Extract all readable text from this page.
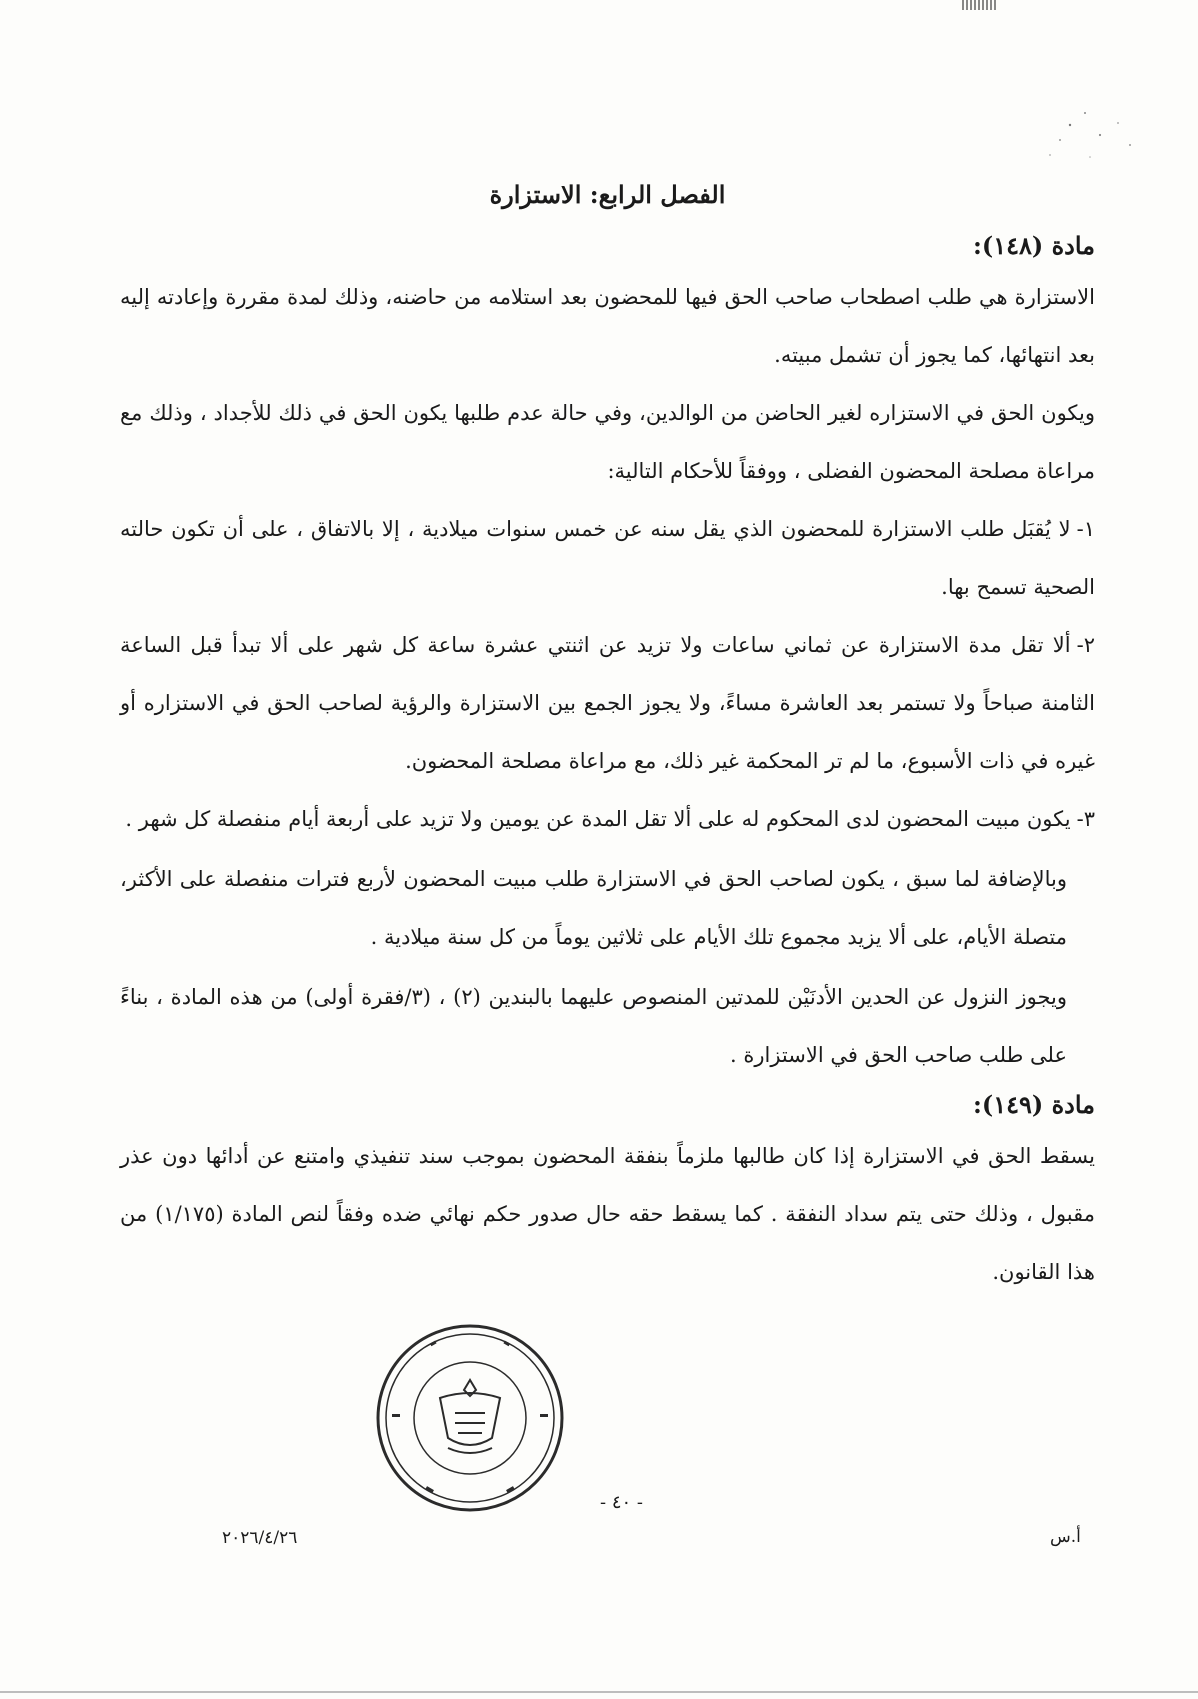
الفصل الرابع: الاستزارة
مادة (١٤٨):

الاستزارة هي طلب اصطحاب صاحب الحق فيها للمحضون بعد استلامه من حاضنه، وذلك لمدة مقررة وإعادته إليه بعد انتهائها، كما يجوز أن تشمل مبيته.

ويكون الحق في الاستزاره لغير الحاضن من الوالدين، وفي حالة عدم طلبها يكون الحق في ذلك للأجداد ، وذلك مع مراعاة مصلحة المحضون الفضلى ، ووفقاً للأحكام التالية:

١-لا يُقبَل طلب الاستزارة للمحضون الذي يقل سنه عن خمس سنوات ميلادية ، إلا بالاتفاق ، على أن تكون حالته الصحية تسمح بها.

٢-ألا تقل مدة الاستزارة عن ثماني ساعات ولا تزيد عن اثنتي عشرة ساعة كل شهر على ألا تبدأ قبل الساعة الثامنة صباحاً ولا تستمر بعد العاشرة مساءً، ولا يجوز الجمع بين الاستزارة والرؤية لصاحب الحق في الاستزاره أو غيره في ذات الأسبوع، ما لم تر المحكمة غير ذلك، مع مراعاة مصلحة المحضون.

٣-يكون مبيت المحضون لدى المحكوم له على ألا تقل المدة عن يومين ولا تزيد على أربعة أيام منفصلة كل شهر .

وبالإضافة لما سبق ، يكون لصاحب الحق في الاستزارة طلب مبيت المحضون لأربع فترات منفصلة على الأكثر، متصلة الأيام، على ألا يزيد مجموع تلك الأيام على ثلاثين يوماً من كل سنة ميلادية .

ويجوز النزول عن الحدين الأدنَيْن للمدتين المنصوص عليهما بالبندين (٢) ، (٣/فقرة أولى) من هذه المادة ، بناءً على طلب صاحب الحق في الاستزارة .

مادة (١٤٩):

يسقط الحق في الاستزارة إذا كان طالبها ملزماً بنفقة المحضون بموجب سند تنفيذي وامتنع عن أدائها دون عذر مقبول ، وذلك حتى يتم سداد النفقة . كما يسقط حقه حال صدور حكم نهائي ضده وفقاً لنص المادة (١/١٧٥) من هذا القانون.

- ٤٠ -
٢٠٢٦/٤/٢٦	أ.س
